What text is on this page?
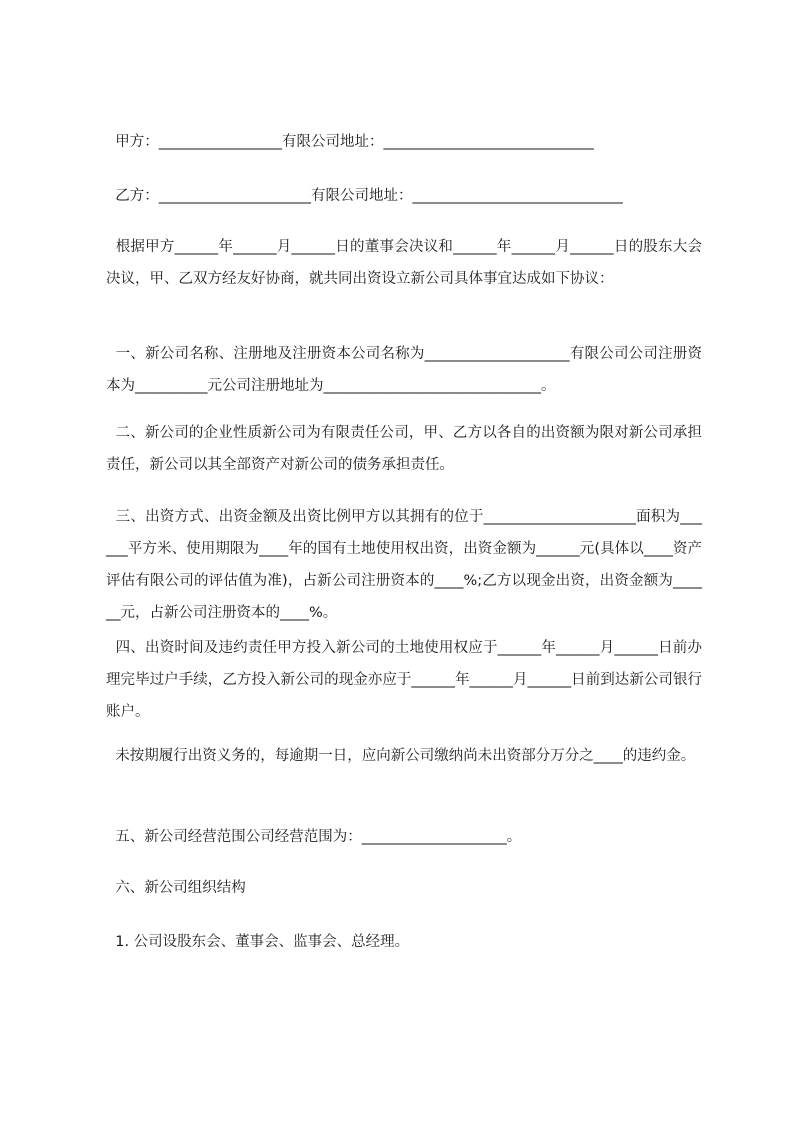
甲方：_________________有限公司地址：_____________________________
乙方：_____________________有限公司地址：_____________________________
根据甲方______年______月______日的董事会决议和______年______月______日的股东大会决议，甲、乙双方经友好协商，就共同出资设立新公司具体事宜达成如下协议：
一、新公司名称、注册地及注册资本公司名称为____________________有限公司公司注册资本为__________元公司注册地址为______________________________。
二、新公司的企业性质新公司为有限责任公司，甲、乙方以各自的出资额为限对新公司承担责任，新公司以其全部资产对新公司的债务承担责任。
三、出资方式、出资金额及出资比例甲方以其拥有的位于_____________________面积为______平方米、使用期限为____年的国有土地使用权出资，出资金额为______元(具体以____资产评估有限公司的评估值为准)，占新公司注册资本的____%;乙方以现金出资，出资金额为______元，占新公司注册资本的____%。
四、出资时间及违约责任甲方投入新公司的土地使用权应于______年______月______日前办理完毕过户手续，乙方投入新公司的现金亦应于______年______月______日前到达新公司银行账户。
未按期履行出资义务的，每逾期一日，应向新公司缴纳尚未出资部分万分之____的违约金。
五、新公司经营范围公司经营范围为：____________________。
六、新公司组织结构
1. 公司设股东会、董事会、监事会、总经理。
